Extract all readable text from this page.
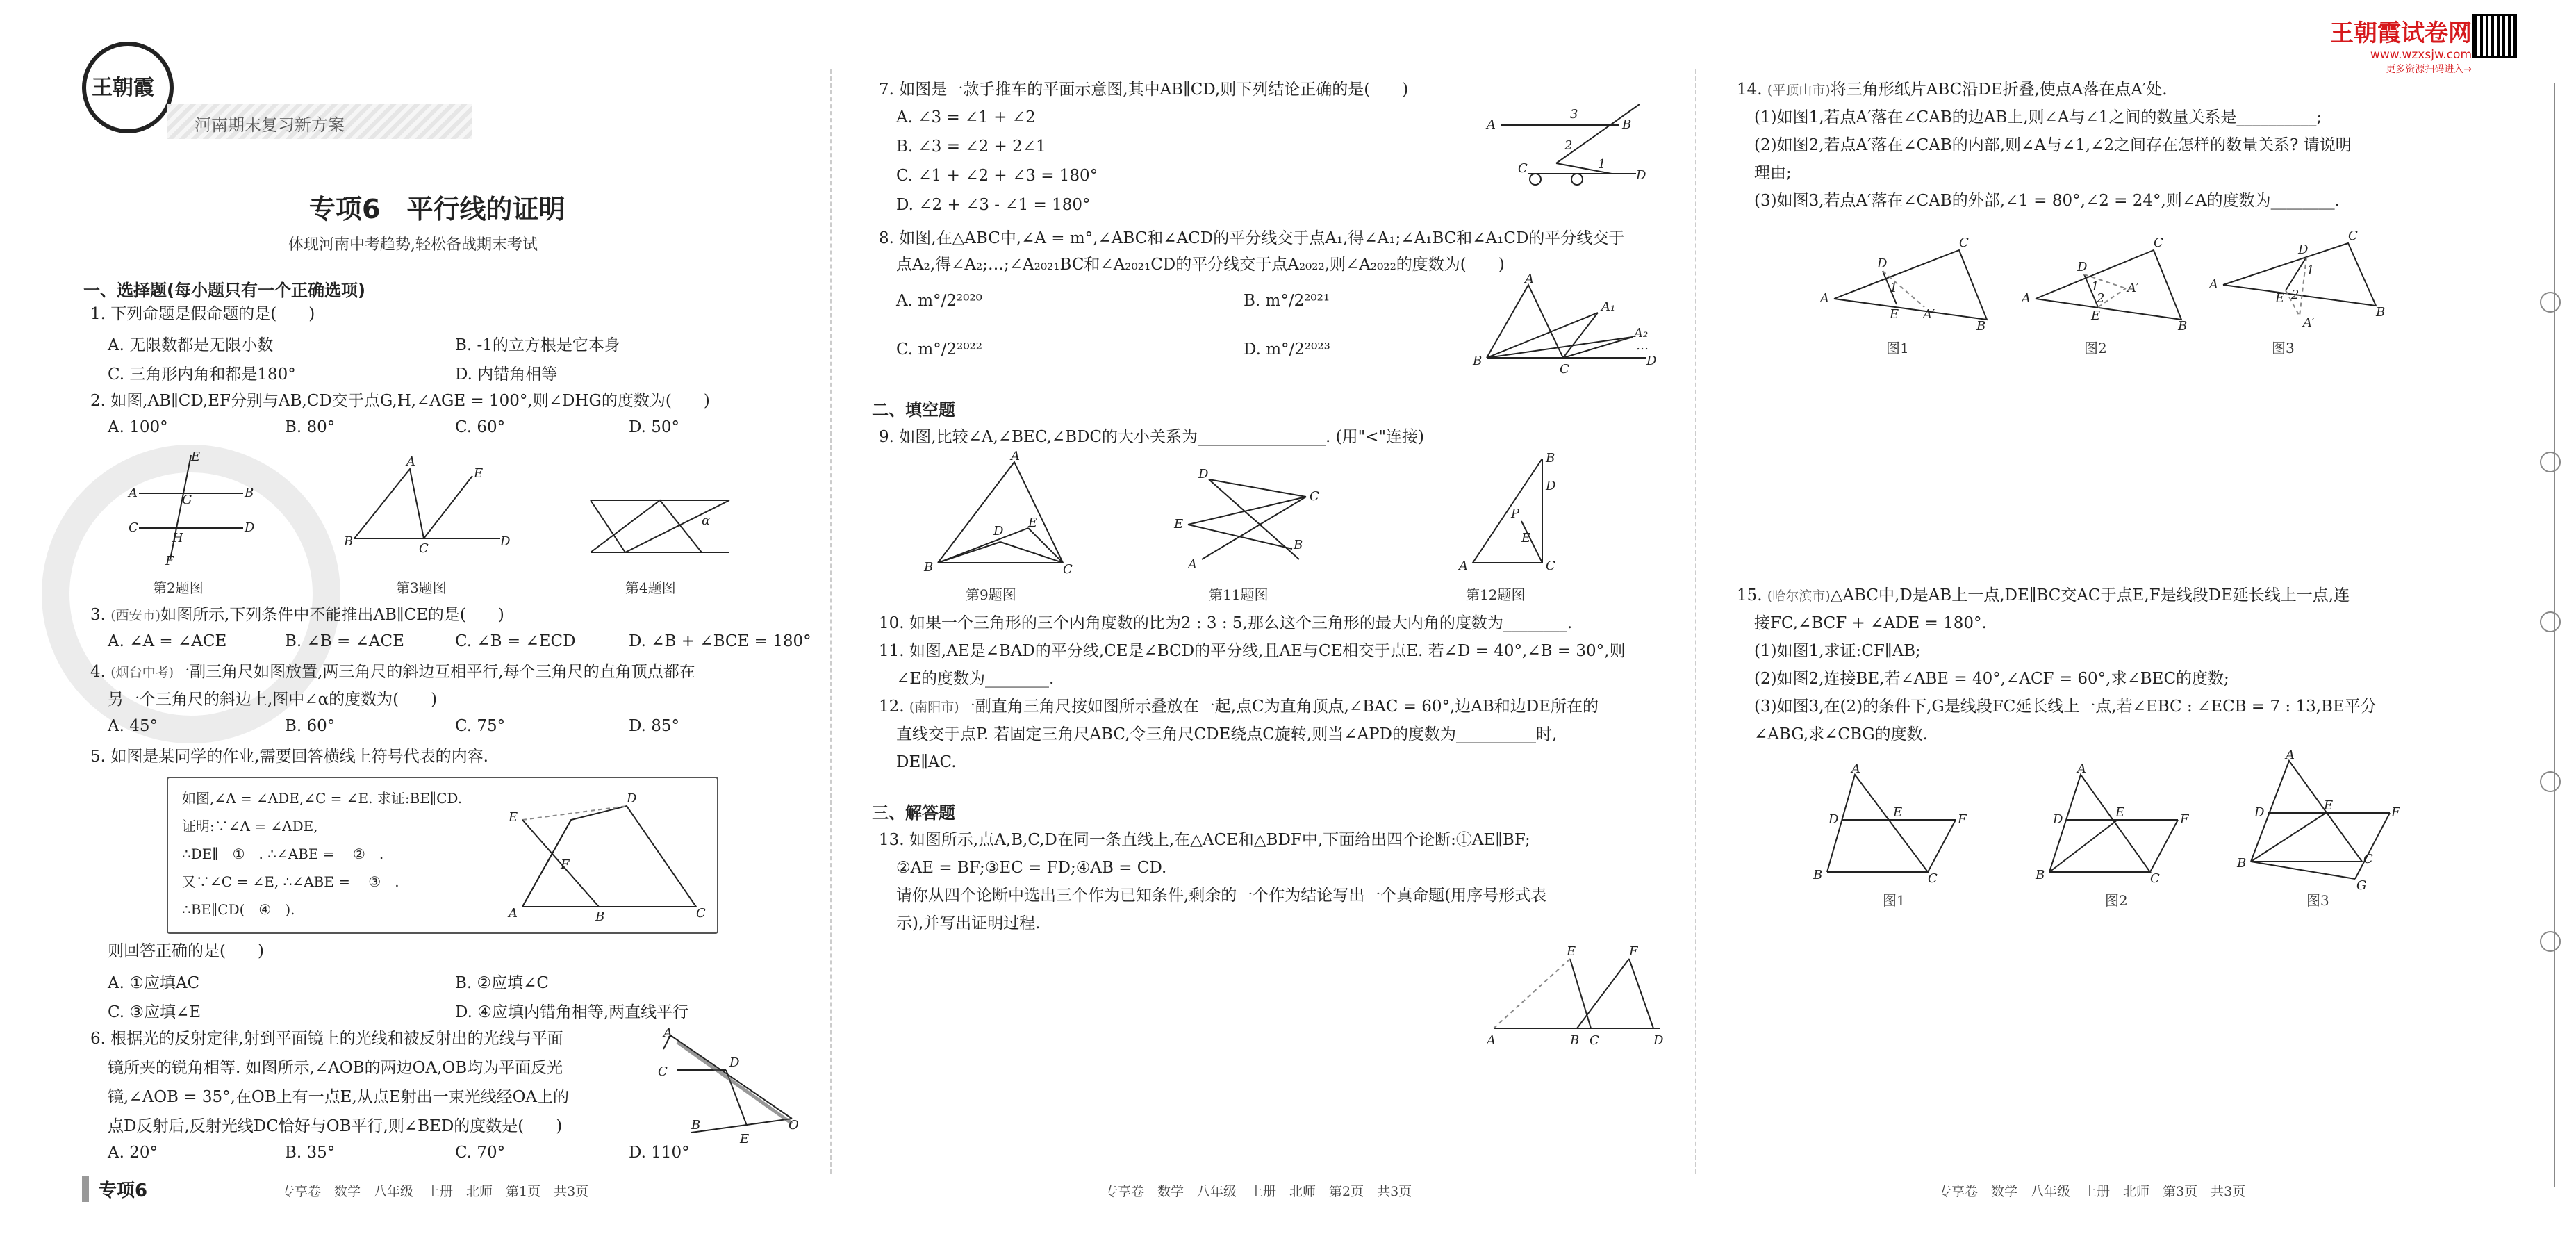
王朝霞试卷网
www.wzxsjw.com
更多资源扫码进入→
王朝霞
河南期末复习新方案
专项6　平行线的证明
体现河南中考趋势,轻松备战期末考试
一、选择题(每小题只有一个正确选项)
1. 下列命题是假命题的是(　　)
A. 无限数都是无限小数	B. -1的立方根是它本身
C. 三角形内角和都是180°	D. 内错角相等
2. 如图,AB∥CD,EF分别与AB,CD交于点G,H,∠AGE = 100°,则∠DHG的度数为(　　)
A. 100°	B. 80°	C. 60°	D. 50°
E
A	B
G
C	D
H
F
第2题图
A
E
B	C	D
第3题图
α
第4题图
3. (西安市)如图所示,下列条件中不能推出AB∥CE的是(　　)
A. ∠A = ∠ACE	B. ∠B = ∠ACE	C. ∠B = ∠ECD	D. ∠B + ∠BCE = 180°
4. (烟台中考)一副三角尺如图放置,两三角尺的斜边互相平行,每个三角尺的直角顶点都在
另一个三角尺的斜边上,图中∠α的度数为(　　)
A. 45°	B. 60°	C. 75°	D. 85°
5. 如图是某同学的作业,需要回答横线上符号代表的内容.
如图,∠A = ∠ADE,∠C = ∠E. 求证:BE∥CD.
证明:∵∠A = ∠ADE,
∴DE∥　①　. ∴∠ABE = 　②　.
又∵∠C = ∠E, ∴∠ABE = 　③　.
∴BE∥CD(　④　).
E
D
F
A	B	C
则回答正确的是(　　)
A. ①应填AC	B. ②应填∠C
C. ③应填∠E	D. ④应填内错角相等,两直线平行
6. 根据光的反射定律,射到平面镜上的光线和被反射出的光线与平面
镜所夹的锐角相等. 如图所示,∠AOB的两边OA,OB均为平面反光
镜,∠AOB = 35°,在OB上有一点E,从点E射出一束光线经OA上的
点D反射后,反射光线DC恰好与OB平行,则∠BED的度数是(　　)
A
D
C
O
E
B
A. 20°	B. 35°	C. 70°	D. 110°
专项6	专享卷　数学　八年级　上册　北师　第1页　共3页
7. 如图是一款手推车的平面示意图,其中AB∥CD,则下列结论正确的是(　　)
A. ∠3 = ∠1 + ∠2
B. ∠3 = ∠2 + 2∠1
C. ∠1 + ∠2 + ∠3 = 180°
D. ∠2 + ∠3 - ∠1 = 180°
A	B
3
2
1
C	D
8. 如图,在△ABC中,∠A = m°,∠ABC和∠ACD的平分线交于点A₁,得∠A₁;∠A₁BC和∠A₁CD的平分线交于
点A₂,得∠A₂;…;∠A₂₀₂₁BC和∠A₂₀₂₁CD的平分线交于点A₂₀₂₂,则∠A₂₀₂₂的度数为(　　)
A. m°/2²⁰²⁰	B. m°/2²⁰²¹
C. m°/2²⁰²²	D. m°/2²⁰²³
A
A₁
A₂
…
B
C
D
二、填空题
9. 如图,比较∠A,∠BEC,∠BDC的大小关系为________________. (用"<"连接)
A
E
D
B	C
第9题图
D
C
E
B
A
第11题图
B
D
P
E
A	C
第12题图
10. 如果一个三角形的三个内角度数的比为2 : 3 : 5,那么这个三角形的最大内角的度数为________.
11. 如图,AE是∠BAD的平分线,CE是∠BCD的平分线,且AE与CE相交于点E. 若∠D = 40°,∠B = 30°,则
∠E的度数为________.
12. (南阳市)一副直角三角尺按如图所示叠放在一起,点C为直角顶点,∠BAC = 60°,边AB和边DE所在的
直线交于点P. 若固定三角尺ABC,令三角尺CDE绕点C旋转,则当∠APD的度数为__________时,
DE∥AC.
三、解答题
13. 如图所示,点A,B,C,D在同一条直线上,在△ACE和△BDF中,下面给出四个论断:①AE∥BF;
②AE = BF;③EC = FD;④AB = CD.
请你从四个论断中选出三个作为已知条件,剩余的一个作为结论写出一个真命题(用序号形式表
示),并写出证明过程.
E	F
A	B C	D
专享卷　数学　八年级　上册　北师　第2页　共3页
14. (平顶山市)将三角形纸片ABC沿DE折叠,使点A落在点A′处.
(1)如图1,若点A′落在∠CAB的边AB上,则∠A与∠1之间的数量关系是__________;
(2)如图2,若点A′落在∠CAB的内部,则∠A与∠1,∠2之间存在怎样的数量关系? 请说明
理由;
(3)如图3,若点A′落在∠CAB的外部,∠1 = 80°,∠2 = 24°,则∠A的度数为________.
A
C
B
D
1
E A′
图1
A
C
B
D
1
2
E
A′
图2
A
C
B
D
1
2
E
A′
图3
15. (哈尔滨市)△ABC中,D是AB上一点,DE∥BC交AC于点E,F是线段DE延长线上一点,连
接FC,∠BCF + ∠ADE = 180°.
(1)如图1,求证:CF∥AB;
(2)如图2,连接BE,若∠ABE = 40°,∠ACF = 60°,求∠BEC的度数;
(3)如图3,在(2)的条件下,G是线段FC延长线上一点,若∠EBC : ∠ECB = 7 : 13,BE平分
∠ABG,求∠CBG的度数.
A
D	E	F
B	C
图1
A
D	E	F
B	C
图2
A
D	E	F
B	C
G
图3
专享卷　数学　八年级　上册　北师　第3页　共3页
